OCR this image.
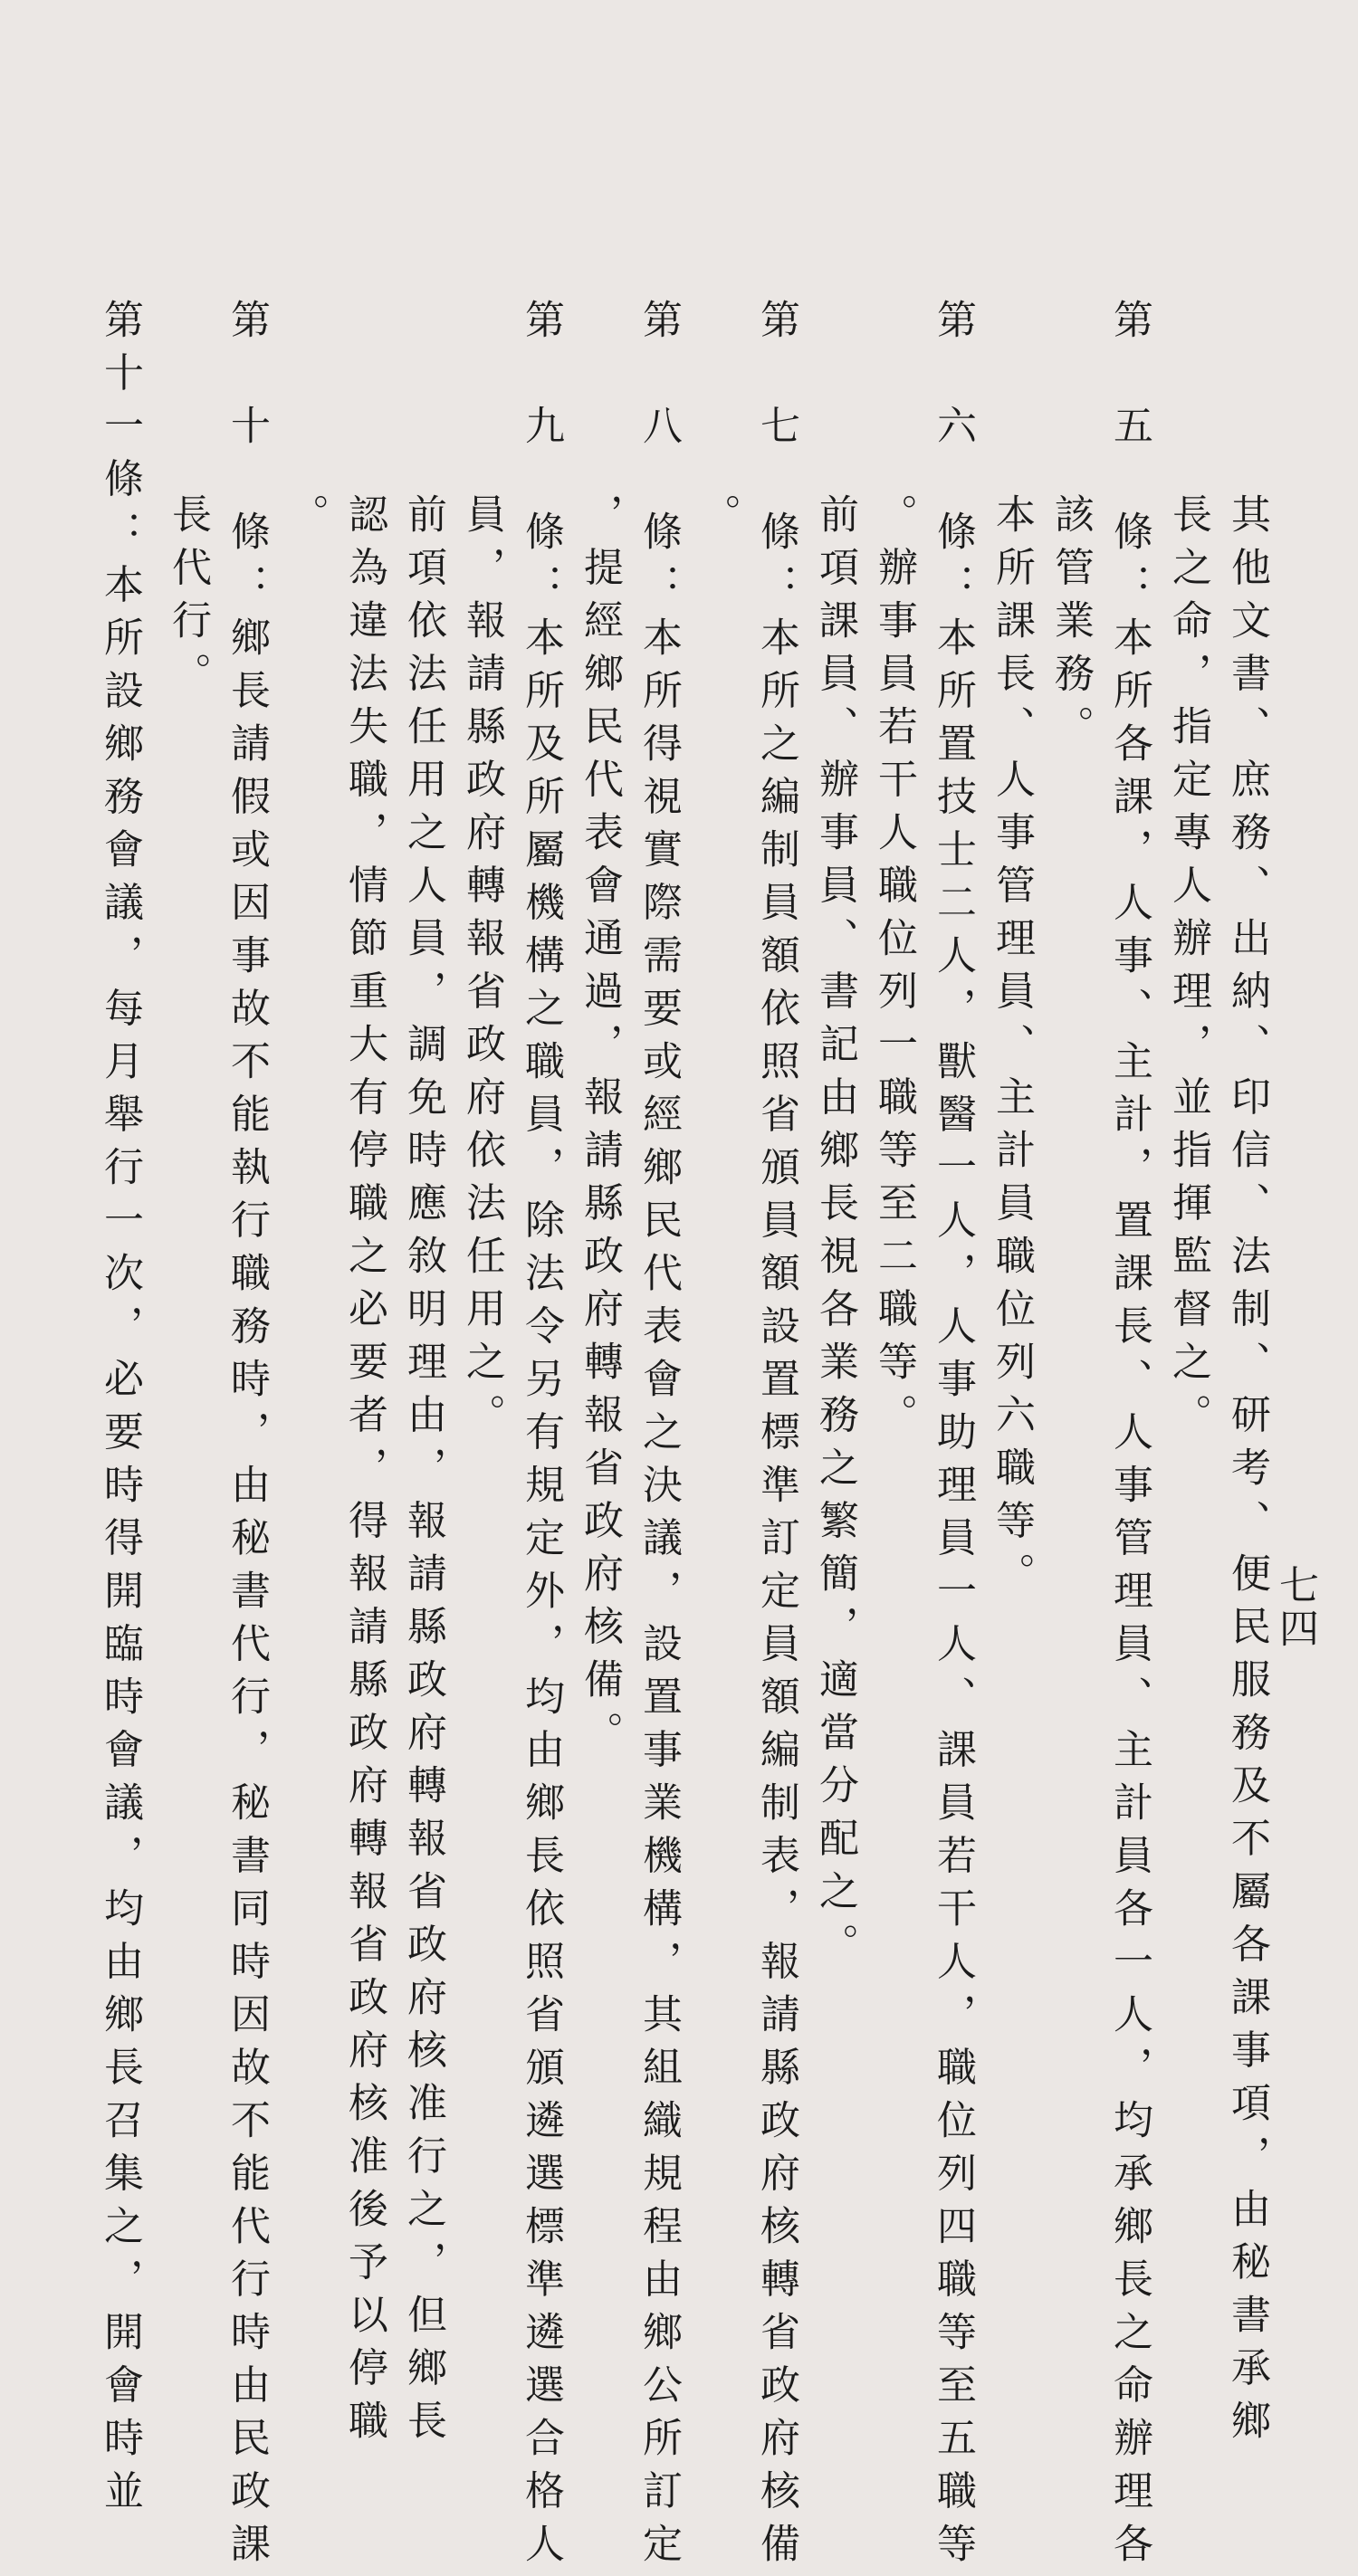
七四
其他文書、庶務、出納、印信、法制、研考、便民服務及不屬各課事項，由秘書承鄉
長之命，指定專人辦理，並指揮監督之。
第　五　條：本所各課，人事、主計，置課長、人事管理員、主計員各一人，均承鄉長之命辦理各
該管業務。
本所課長、人事管理員、主計員職位列六職等。
第　六　條：本所置技士二人，獸醫一人，人事助理員一人、課員若干人，職位列四職等至五職等
。辦事員若干人職位列一職等至二職等。
前項課員、辦事員、書記由鄉長視各業務之繁簡，適當分配之。
第　七　條：本所之編制員額依照省頒員額設置標準訂定員額編制表，報請縣政府核轉省政府核備
。
第　八　條：本所得視實際需要或經鄉民代表會之決議，設置事業機構，其組織規程由鄉公所訂定
，提經鄉民代表會通過，報請縣政府轉報省政府核備。
第　九　條：本所及所屬機構之職員，除法令另有規定外，均由鄉長依照省頒遴選標準遴選合格人
員，報請縣政府轉報省政府依法任用之。
前項依法任用之人員，調免時應敘明理由，報請縣政府轉報省政府核准行之，但鄉長
認為違法失職，情節重大有停職之必要者，得報請縣政府轉報省政府核准後予以停職
。
第　十　條：鄉長請假或因事故不能執行職務時，由秘書代行，秘書同時因故不能代行時由民政課
長代行。
第十一條：本所設鄉務會議，每月舉行一次，必要時得開臨時會議，均由鄉長召集之，開會時並
